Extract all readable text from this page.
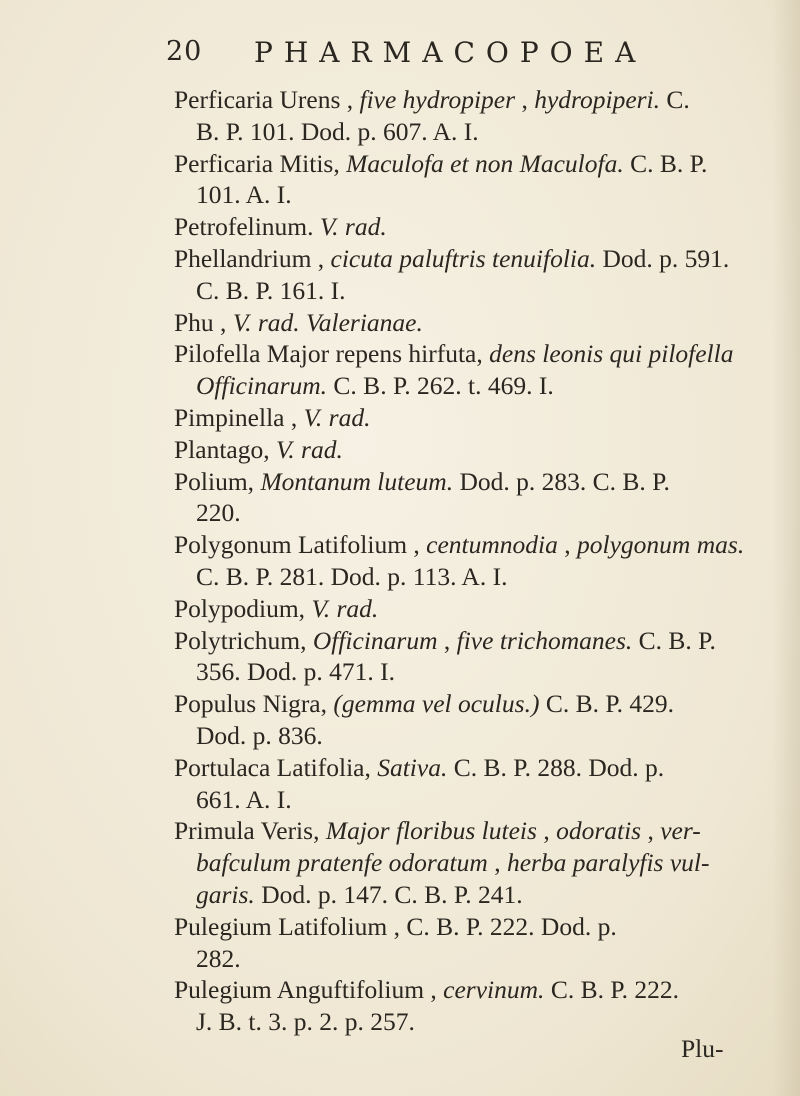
20 PHARMACOPOEA
Perficaria Urens , five hydropiper , hydropiperi. C.
B. P. 101. Dod. p. 607. A. I.
Perficaria Mitis, Maculofa et non Maculofa. C. B. P.
101. A. I.
Petrofelinum. V. rad.
Phellandrium , cicuta paluftris tenuifolia. Dod. p. 591.
C. B. P. 161. I.
Phu , V. rad. Valerianae.
Pilofella Major repens hirfuta, dens leonis qui pilofella
Officinarum. C. B. P. 262. t. 469. I.
Pimpinella , V. rad.
Plantago, V. rad.
Polium, Montanum luteum. Dod. p. 283. C. B. P.
220.
Polygonum Latifolium , centumnodia , polygonum mas.
C. B. P. 281. Dod. p. 113. A. I.
Polypodium, V. rad.
Polytrichum, Officinarum , five trichomanes. C. B. P.
356. Dod. p. 471. I.
Populus Nigra, (gemma vel oculus.) C. B. P. 429.
Dod. p. 836.
Portulaca Latifolia, Sativa. C. B. P. 288. Dod. p.
661. A. I.
Primula Veris, Major floribus luteis , odoratis , ver-
bafculum pratenfe odoratum , herba paralyfis vul-
garis. Dod. p. 147. C. B. P. 241.
Pulegium Latifolium , C. B. P. 222. Dod. p.
282.
Pulegium Anguftifolium , cervinum. C. B. P. 222.
J. B. t. 3. p. 2. p. 257.
Plu-
